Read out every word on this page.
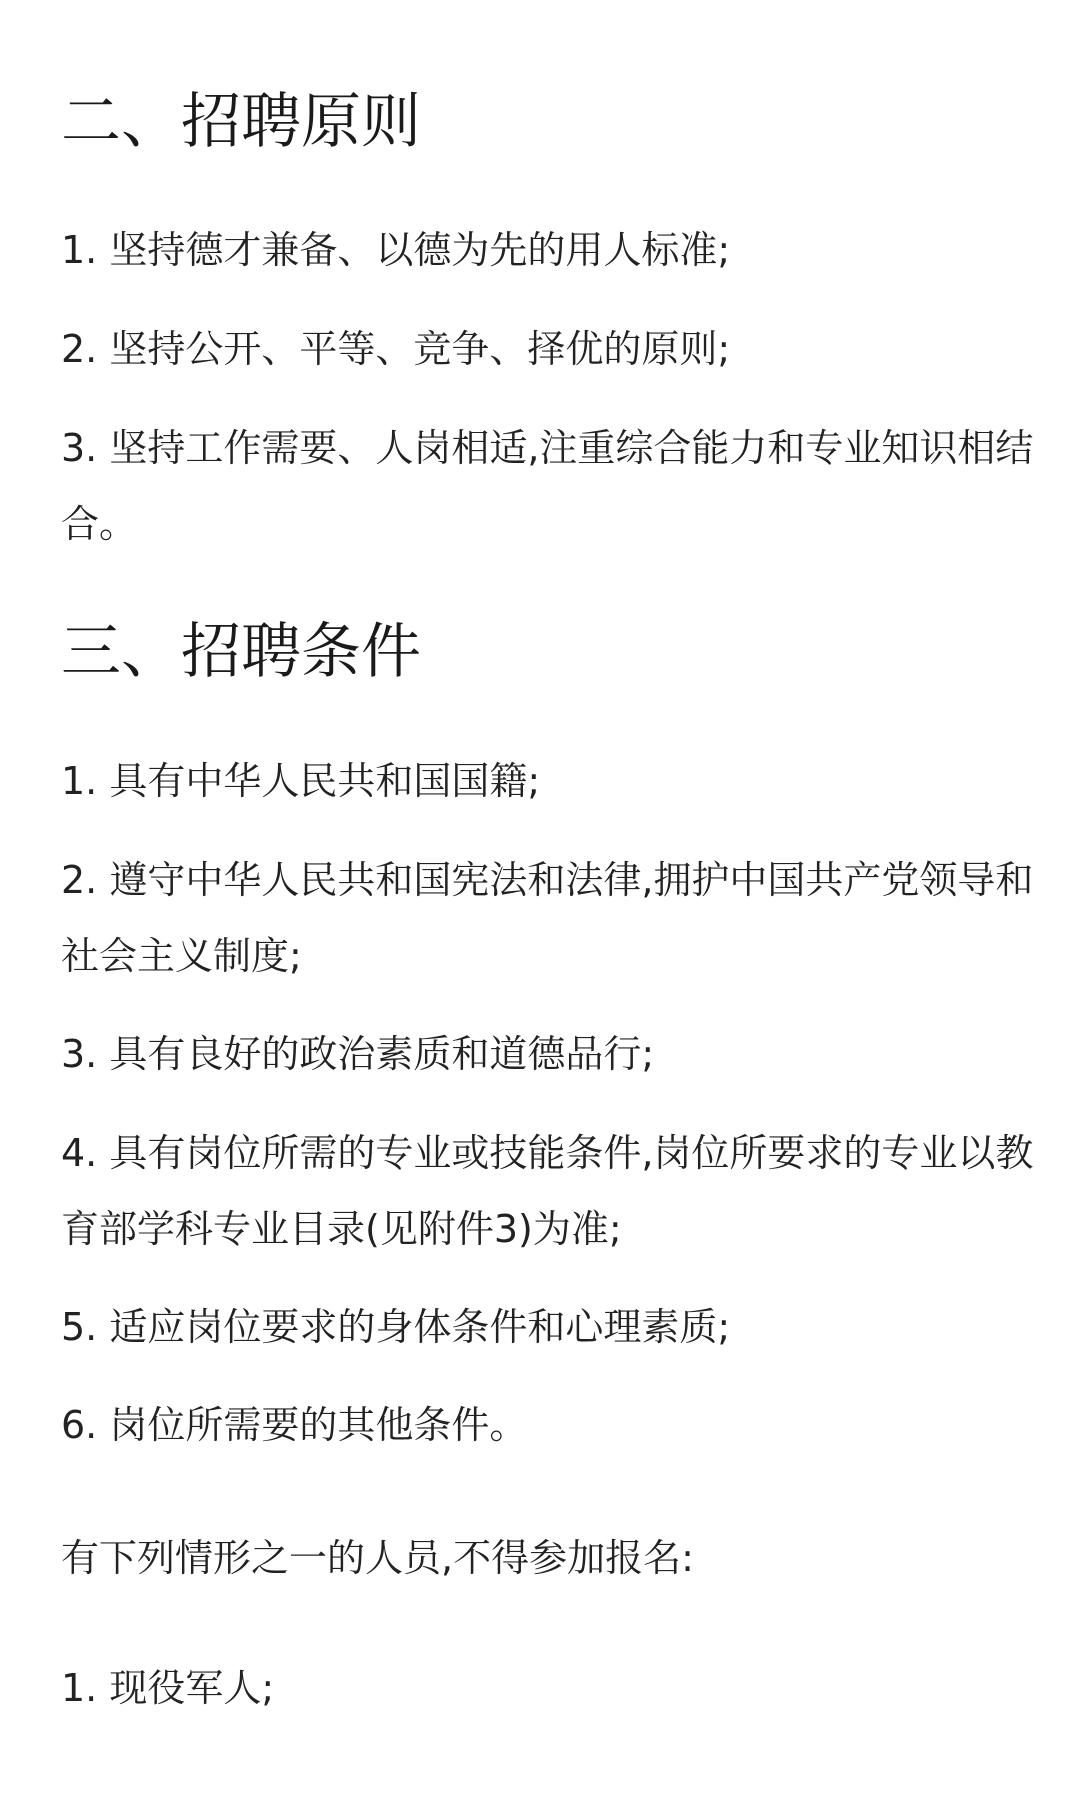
二、招聘原则
1. 坚持德才兼备、以德为先的用人标准;
2. 坚持公开、平等、竞争、择优的原则;
3. 坚持工作需要、人岗相适,注重综合能力和专业知识相结合。
三、招聘条件
1. 具有中华人民共和国国籍;
2. 遵守中华人民共和国宪法和法律,拥护中国共产党领导和社会主义制度;
3. 具有良好的政治素质和道德品行;
4. 具有岗位所需的专业或技能条件,岗位所要求的专业以教育部学科专业目录(见附件3)为准;
5. 适应岗位要求的身体条件和心理素质;
6. 岗位所需要的其他条件。
有下列情形之一的人员,不得参加报名:
1. 现役军人;
